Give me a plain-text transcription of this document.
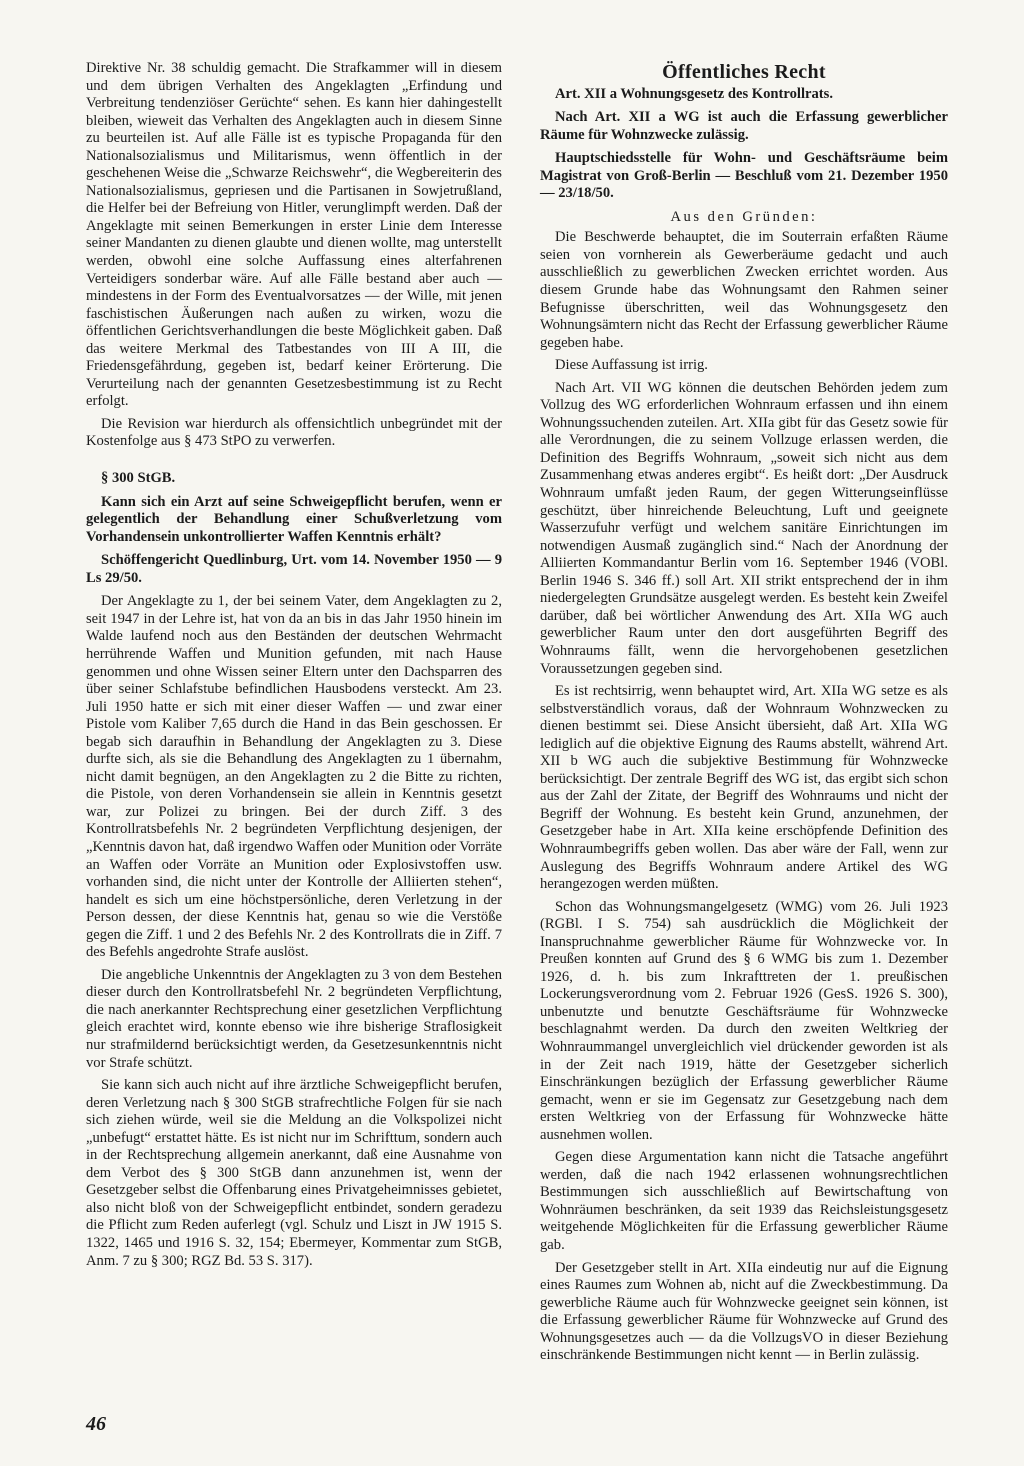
Direktive Nr. 38 schuldig gemacht. Die Strafkammer will in diesem und dem übrigen Verhalten des Angeklagten „Erfindung und Verbreitung tendenziöser Gerüchte“ sehen. Es kann hier dahingestellt bleiben, wieweit das Verhalten des Angeklagten auch in diesem Sinne zu beurteilen ist. Auf alle Fälle ist es typische Propaganda für den Nationalsozialismus und Militarismus, wenn öffentlich in der geschehenen Weise die „Schwarze Reichswehr“, die Wegbereiterin des Nationalsozialismus, gepriesen und die Partisanen in Sowjetrußland, die Helfer bei der Befreiung von Hitler, verunglimpft werden. Daß der Angeklagte mit seinen Bemerkungen in erster Linie dem Interesse seiner Mandanten zu dienen glaubte und dienen wollte, mag unterstellt werden, obwohl eine solche Auffassung eines alterfahrenen Verteidigers sonderbar wäre. Auf alle Fälle bestand aber auch — mindestens in der Form des Eventualvorsatzes — der Wille, mit jenen faschistischen Äußerungen nach außen zu wirken, wozu die öffentlichen Gerichtsverhandlungen die beste Möglichkeit gaben. Daß das weitere Merkmal des Tatbestandes von III A III, die Friedensgefährdung, gegeben ist, bedarf keiner Erörterung. Die Verurteilung nach der genannten Gesetzesbestimmung ist zu Recht erfolgt.

Die Revision war hierdurch als offensichtlich unbegründet mit der Kostenfolge aus § 473 StPO zu verwerfen.

§ 300 StGB.

Kann sich ein Arzt auf seine Schweigepflicht berufen, wenn er gelegentlich der Behandlung einer Schußverletzung vom Vorhandensein unkontrollierter Waffen Kenntnis erhält?

Schöffengericht Quedlinburg, Urt. vom 14. November 1950 — 9 Ls 29/50.

Der Angeklagte zu 1, der bei seinem Vater, dem Angeklagten zu 2, seit 1947 in der Lehre ist, hat von da an bis in das Jahr 1950 hinein im Walde laufend noch aus den Beständen der deutschen Wehrmacht herrührende Waffen und Munition gefunden, mit nach Hause genommen und ohne Wissen seiner Eltern unter den Dachsparren des über seiner Schlafstube befindlichen Hausbodens versteckt. Am 23. Juli 1950 hatte er sich mit einer dieser Waffen — und zwar einer Pistole vom Kaliber 7,65 durch die Hand in das Bein geschossen. Er begab sich daraufhin in Behandlung der Angeklagten zu 3. Diese durfte sich, als sie die Behandlung des Angeklagten zu 1 übernahm, nicht damit begnügen, an den Angeklagten zu 2 die Bitte zu richten, die Pistole, von deren Vorhandensein sie allein in Kenntnis gesetzt war, zur Polizei zu bringen. Bei der durch Ziff. 3 des Kontrollratsbefehls Nr. 2 begründeten Verpflichtung desjenigen, der „Kenntnis davon hat, daß irgendwo Waffen oder Munition oder Vorräte an Waffen oder Vorräte an Munition oder Explosivstoffen usw. vorhanden sind, die nicht unter der Kontrolle der Alliierten stehen“, handelt es sich um eine höchstpersönliche, deren Verletzung in der Person dessen, der diese Kenntnis hat, genau so wie die Verstöße gegen die Ziff. 1 und 2 des Befehls Nr. 2 des Kontrollrats die in Ziff. 7 des Befehls angedrohte Strafe auslöst.

Die angebliche Unkenntnis der Angeklagten zu 3 von dem Bestehen dieser durch den Kontrollratsbefehl Nr. 2 begründeten Verpflichtung, die nach anerkannter Rechtsprechung einer gesetzlichen Verpflichtung gleich erachtet wird, konnte ebenso wie ihre bisherige Straflosigkeit nur strafmildernd berücksichtigt werden, da Gesetzesunkenntnis nicht vor Strafe schützt.

Sie kann sich auch nicht auf ihre ärztliche Schweigepflicht berufen, deren Verletzung nach § 300 StGB strafrechtliche Folgen für sie nach sich ziehen würde, weil sie die Meldung an die Volkspolizei nicht „unbefugt“ erstattet hätte. Es ist nicht nur im Schrifttum, sondern auch in der Rechtsprechung allgemein anerkannt, daß eine Ausnahme von dem Verbot des § 300 StGB dann anzunehmen ist, wenn der Gesetzgeber selbst die Offenbarung eines Privatgeheimnisses gebietet, also nicht bloß von der Schweigepflicht entbindet, sondern geradezu die Pflicht zum Reden auferlegt (vgl. Schulz und Liszt in JW 1915 S. 1322, 1465 und 1916 S. 32, 154; Ebermeyer, Kommentar zum StGB, Anm. 7 zu § 300; RGZ Bd. 53 S. 317).

Öffentliches Recht

Art. XII a Wohnungsgesetz des Kontrollrats.

Nach Art. XII a WG ist auch die Erfassung gewerblicher Räume für Wohnzwecke zulässig.

Hauptschiedsstelle für Wohn- und Geschäftsräume beim Magistrat von Groß-Berlin — Beschluß vom 21. Dezember 1950 — 23/18/50.

Aus den Gründen:

Die Beschwerde behauptet, die im Souterrain erfaßten Räume seien von vornherein als Gewerberäume gedacht und auch ausschließlich zu gewerblichen Zwecken errichtet worden. Aus diesem Grunde habe das Wohnungsamt den Rahmen seiner Befugnisse überschritten, weil das Wohnungsgesetz den Wohnungsämtern nicht das Recht der Erfassung gewerblicher Räume gegeben habe.

Diese Auffassung ist irrig.

Nach Art. VII WG können die deutschen Behörden jedem zum Vollzug des WG erforderlichen Wohnraum erfassen und ihn einem Wohnungssuchenden zuteilen. Art. XIIa gibt für das Gesetz sowie für alle Verordnungen, die zu seinem Vollzuge erlassen werden, die Definition des Begriffs Wohnraum, „soweit sich nicht aus dem Zusammenhang etwas anderes ergibt“. Es heißt dort: „Der Ausdruck Wohnraum umfaßt jeden Raum, der gegen Witterungseinflüsse geschützt, über hinreichende Beleuchtung, Luft und geeignete Wasserzufuhr verfügt und welchem sanitäre Einrichtungen im notwendigen Ausmaß zugänglich sind.“ Nach der Anordnung der Alliierten Kommandantur Berlin vom 16. September 1946 (VOBl. Berlin 1946 S. 346 ff.) soll Art. XII strikt entsprechend der in ihm niedergelegten Grundsätze ausgelegt werden. Es besteht kein Zweifel darüber, daß bei wörtlicher Anwendung des Art. XIIa WG auch gewerblicher Raum unter den dort ausgeführten Begriff des Wohnraums fällt, wenn die hervorgehobenen gesetzlichen Voraussetzungen gegeben sind.

Es ist rechtsirrig, wenn behauptet wird, Art. XIIa WG setze es als selbstverständlich voraus, daß der Wohnraum Wohnzwecken zu dienen bestimmt sei. Diese Ansicht übersieht, daß Art. XIIa WG lediglich auf die objektive Eignung des Raums abstellt, während Art. XII b WG auch die subjektive Bestimmung für Wohnzwecke berücksichtigt. Der zentrale Begriff des WG ist, das ergibt sich schon aus der Zahl der Zitate, der Begriff des Wohnraums und nicht der Begriff der Wohnung. Es besteht kein Grund, anzunehmen, der Gesetzgeber habe in Art. XIIa keine erschöpfende Definition des Wohnraumbegriffs geben wollen. Das aber wäre der Fall, wenn zur Auslegung des Begriffs Wohnraum andere Artikel des WG herangezogen werden müßten.

Schon das Wohnungsmangelgesetz (WMG) vom 26. Juli 1923 (RGBl. I S. 754) sah ausdrücklich die Möglichkeit der Inanspruchnahme gewerblicher Räume für Wohnzwecke vor. In Preußen konnten auf Grund des § 6 WMG bis zum 1. Dezember 1926, d. h. bis zum Inkrafttreten der 1. preußischen Lockerungsverordnung vom 2. Februar 1926 (GesS. 1926 S. 300), unbenutzte und benutzte Geschäftsräume für Wohnzwecke beschlagnahmt werden. Da durch den zweiten Weltkrieg der Wohnraummangel unvergleichlich viel drückender geworden ist als in der Zeit nach 1919, hätte der Gesetzgeber sicherlich Einschränkungen bezüglich der Erfassung gewerblicher Räume gemacht, wenn er sie im Gegensatz zur Gesetzgebung nach dem ersten Weltkrieg von der Erfassung für Wohnzwecke hätte ausnehmen wollen.

Gegen diese Argumentation kann nicht die Tatsache angeführt werden, daß die nach 1942 erlassenen wohnungsrechtlichen Bestimmungen sich ausschließlich auf Bewirtschaftung von Wohnräumen beschränken, da seit 1939 das Reichsleistungsgesetz weitgehende Möglichkeiten für die Erfassung gewerblicher Räume gab.

Der Gesetzgeber stellt in Art. XIIa eindeutig nur auf die Eignung eines Raumes zum Wohnen ab, nicht auf die Zweckbestimmung. Da gewerbliche Räume auch für Wohnzwecke geeignet sein können, ist die Erfassung gewerblicher Räume für Wohnzwecke auf Grund des Wohnungsgesetzes auch — da die VollzugsVO in dieser Beziehung einschränkende Bestimmungen nicht kennt — in Berlin zulässig.

46
